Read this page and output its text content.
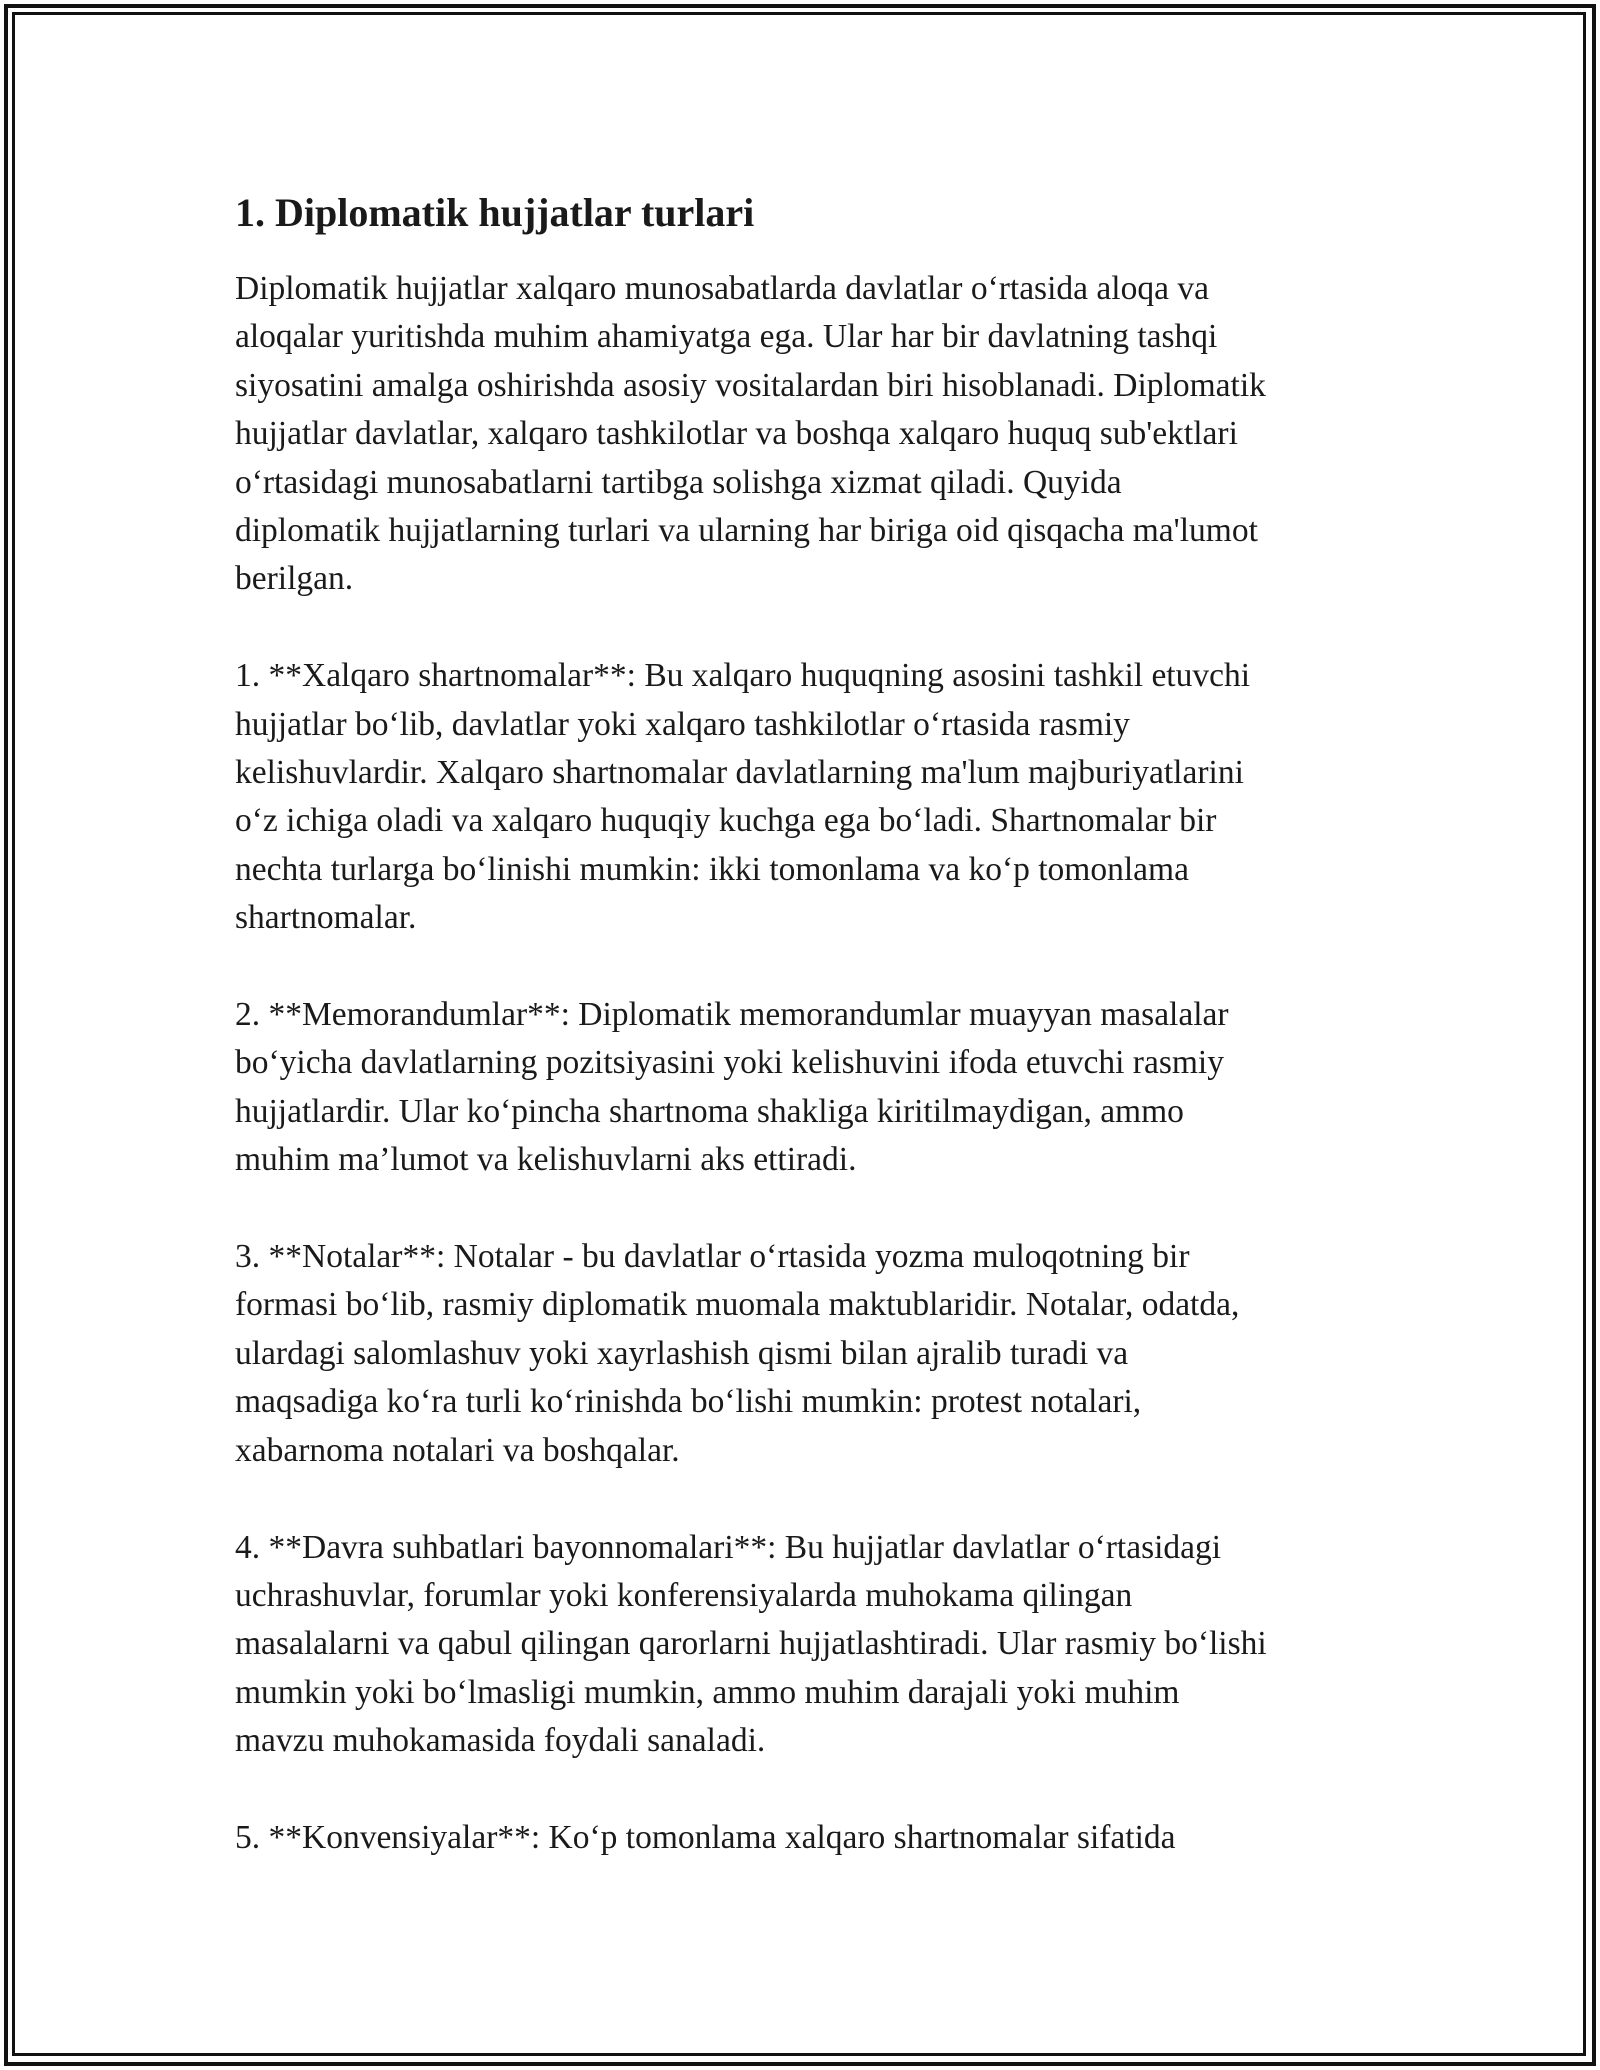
1. Diplomatik hujjatlar turlari
Diplomatik hujjatlar xalqaro munosabatlarda davlatlar o‘rtasida aloqa va
aloqalar yuritishda muhim ahamiyatga ega. Ular har bir davlatning tashqi
siyosatini amalga oshirishda asosiy vositalardan biri hisoblanadi. Diplomatik
hujjatlar davlatlar, xalqaro tashkilotlar va boshqa xalqaro huquq sub'ektlari
o‘rtasidagi munosabatlarni tartibga solishga xizmat qiladi. Quyida
diplomatik hujjatlarning turlari va ularning har biriga oid qisqacha ma'lumot
berilgan.
1. **Xalqaro shartnomalar**: Bu xalqaro huquqning asosini tashkil etuvchi
hujjatlar bo‘lib, davlatlar yoki xalqaro tashkilotlar o‘rtasida rasmiy
kelishuvlardir. Xalqaro shartnomalar davlatlarning ma'lum majburiyatlarini
o‘z ichiga oladi va xalqaro huquqiy kuchga ega bo‘ladi. Shartnomalar bir
nechta turlarga bo‘linishi mumkin: ikki tomonlama va ko‘p tomonlama
shartnomalar.
2. **Memorandumlar**: Diplomatik memorandumlar muayyan masalalar
bo‘yicha davlatlarning pozitsiyasini yoki kelishuvini ifoda etuvchi rasmiy
hujjatlardir. Ular ko‘pincha shartnoma shakliga kiritilmaydigan, ammo
muhim ma’lumot va kelishuvlarni aks ettiradi.
3. **Notalar**: Notalar - bu davlatlar o‘rtasida yozma muloqotning bir
formasi bo‘lib, rasmiy diplomatik muomala maktublaridir. Notalar, odatda,
ulardagi salomlashuv yoki xayrlashish qismi bilan ajralib turadi va
maqsadiga ko‘ra turli ko‘rinishda bo‘lishi mumkin: protest notalari,
xabarnoma notalari va boshqalar.
4. **Davra suhbatlari bayonnomalari**: Bu hujjatlar davlatlar o‘rtasidagi
uchrashuvlar, forumlar yoki konferensiyalarda muhokama qilingan
masalalarni va qabul qilingan qarorlarni hujjatlashtiradi. Ular rasmiy bo‘lishi
mumkin yoki bo‘lmasligi mumkin, ammo muhim darajali yoki muhim
mavzu muhokamasida foydali sanaladi.
5. **Konvensiyalar**: Ko‘p tomonlama xalqaro shartnomalar sifatida
